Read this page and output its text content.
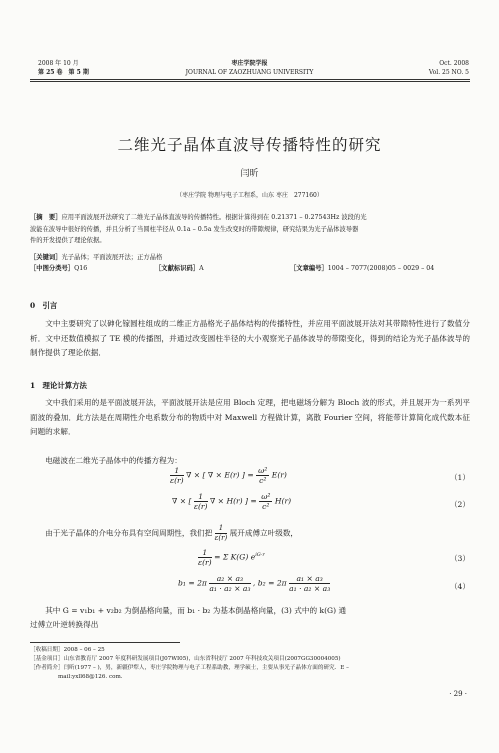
2008 年 10 月
第 25 卷　第 5 期
枣庄学院学报
JOURNAL OF ZAOZHUANG UNIVERSITY
Oct. 2008
Vol. 25 NO. 5
二维光子晶体直波导传播特性的研究
闫昕
（枣庄学院 物理与电子工程系，山东 枣庄　277160）
［摘　要］应用平面波展开法研究了二维光子晶体直波导的传播特性。根据计算得到在 0.21371 – 0.27543Hz 波段的光
波能在波导中很好的传播，并且分析了当圆柱半径从 0.1a – 0.5a 发生改变时的带隙规律，研究结果为光子晶体波导器
件的开发提供了理论依据。
［关键词］光子晶体；平面波展开法；正方晶格
［中图分类号］Q16	［文献标识码］A	［文章编号］1004 – 7077(2008)05 – 0029 – 04
0　引言
文中主要研究了以砷化镓圆柱组成的二维正方晶格光子晶体结构的传播特性，并应用平面波展开法对其带隙特性进行了数值分析．文中还数值模拟了 TE 模的传播图，并通过改变圆柱半径的大小观察光子晶体波导的带隙变化，得到的结论为光子晶体波导的制作提供了理论依据．
1　理论计算方法
文中我们采用的是平面波展开法，平面波展开法是应用 Bloch 定理，把电磁场分解为 Bloch 波的形式，并且展开为一系列平面波的叠加．此方法是在周期性介电系数分布的物质中对 Maxwell 方程做计算，离散 Fourier 空间，将能带计算简化成代数本征问题的求解．
电磁波在二维光子晶体中的传播方程为：
$\frac{1}{\varepsilon(r)}$ ∇ × [ ∇ × E(r) ] = $\frac{\text{ω²}}{\text{c²}} E(r)$	（1）
∇ × [ $\frac{1}{\varepsilon(r)}$ ∇ × H(r) ] = $\frac{\text{ω²}}{\text{c²}} H(r)$	（2）
由于光子晶体的介电分布具有空间周期性，我们把 $\frac{1}{\varepsilon(r)}$ 展开成傅立叶级数，
$\frac{1}{\varepsilon(r)} = \Sigma$ K(G) $e^{iG\cdot r}$	（3）
$b_1 = 2\pi \frac{\text{a₂ × a₃}}{\text{a₁ · a₂ × a₃}}$ , $b_2 = 2\pi \frac{\text{a₁ × a₃}}{\text{a₁ · a₂ × a₃}}$	（4）
其中 G = v₁b₁ + v₂b₂ 为倒晶格向量，而 b₁ · b₂ 为基本倒晶格向量，(3) 式中的 k(G) 通
过傅立叶逆转换得出
［收稿日期］2008 – 06 – 25
［基金项目］山东省教育厅 2007 年度科研发展项目(J07WI05)，山东省科技厅 2007 年科技攻关项目(2007GG30004005)
［作者简介］闫昕(1977 – )，男，新疆伊犁人，枣庄学院物理与电子工程系助教，理学硕士，主要从事光子晶体方面的研究．E –
mail:yxll68@126. com.
· 29 ·
